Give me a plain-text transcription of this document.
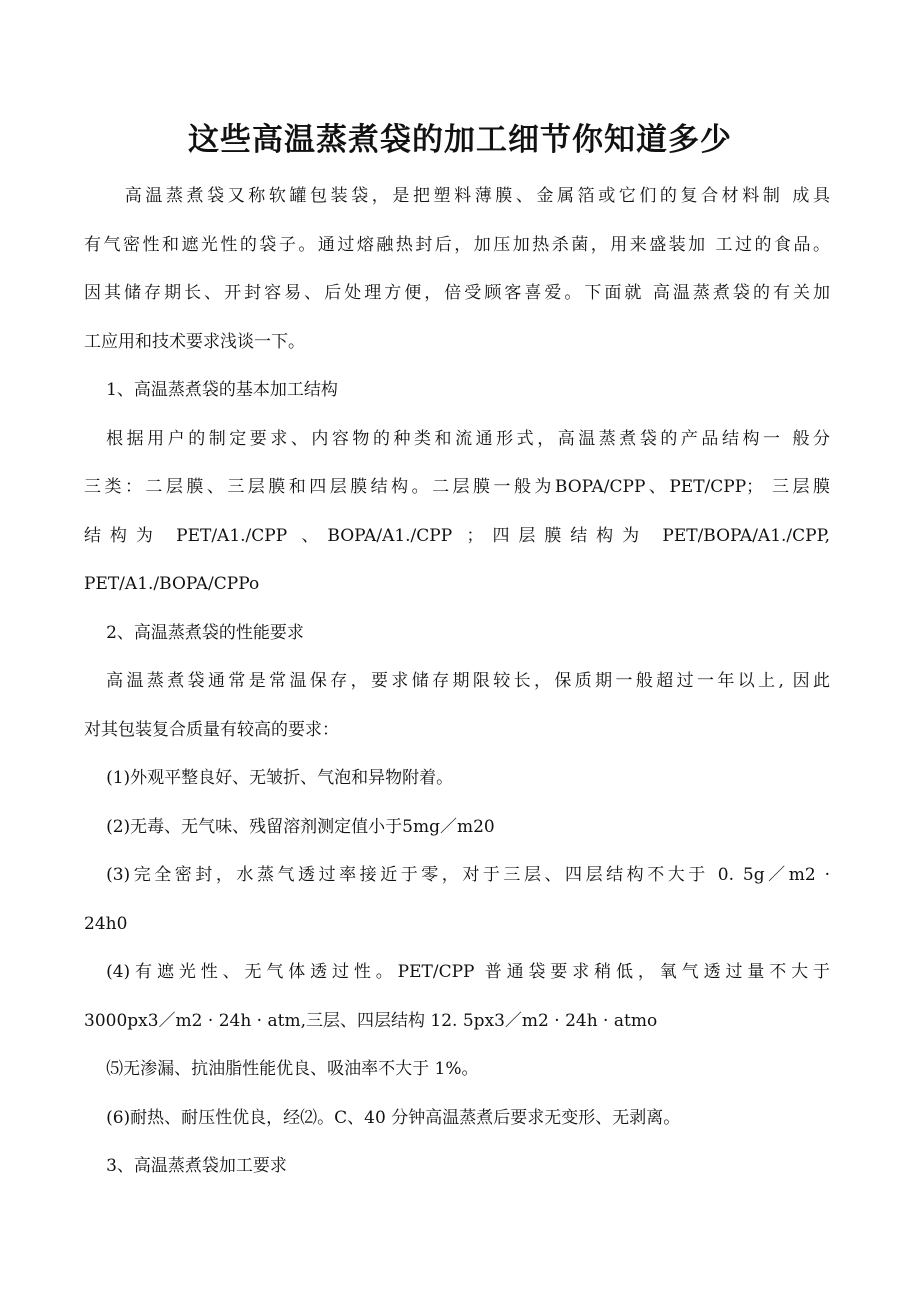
这些高温蒸煮袋的加工细节你知道多少
高温蒸煮袋又称软罐包装袋，是把塑料薄膜、金属箔或它们的复合材料制 成具
有气密性和遮光性的袋子。通过熔融热封后，加压加热杀菌，用来盛装加 工过的食品。
因其储存期长、开封容易、后处理方便，倍受顾客喜爱。下面就 高温蒸煮袋的有关加
工应用和技术要求浅谈一下。
1、高温蒸煮袋的基本加工结构
根据用户的制定要求、内容物的种类和流通形式，高温蒸煮袋的产品结构一 般分
三类：二层膜、三层膜和四层膜结构。二层膜一般为BOPA/CPP、PET/CPP； 三层膜
结构为 PET/A1./CPP 、BOPA/A1./CPP ；四层膜结构为 PET/BOPA/A1./CPP,
PET/A1./BOPA/CPPo
2、高温蒸煮袋的性能要求
高温蒸煮袋通常是常温保存，要求储存期限较长，保质期一般超过一年以上, 因此
对其包装复合质量有较高的要求：
(1)外观平整良好、无皱折、气泡和异物附着。
(2)无毒、无气味、残留溶剂测定值小于5mg／m20
(3)完全密封，水蒸气透过率接近于零，对于三层、四层结构不大于 0. 5g／m2 ·
24h0
(4)有遮光性、无气体透过性。PET/CPP 普通袋要求稍低，氧气透过量不大于
3000px3／m2 · 24h · atm,三层、四层结构 12. 5px3／m2 · 24h · atmo
⑸无渗漏、抗油脂性能优良、吸油率不大于 1%。
(6)耐热、耐压性优良，经⑵。C、40 分钟高温蒸煮后要求无变形、无剥离。
3、高温蒸煮袋加工要求
